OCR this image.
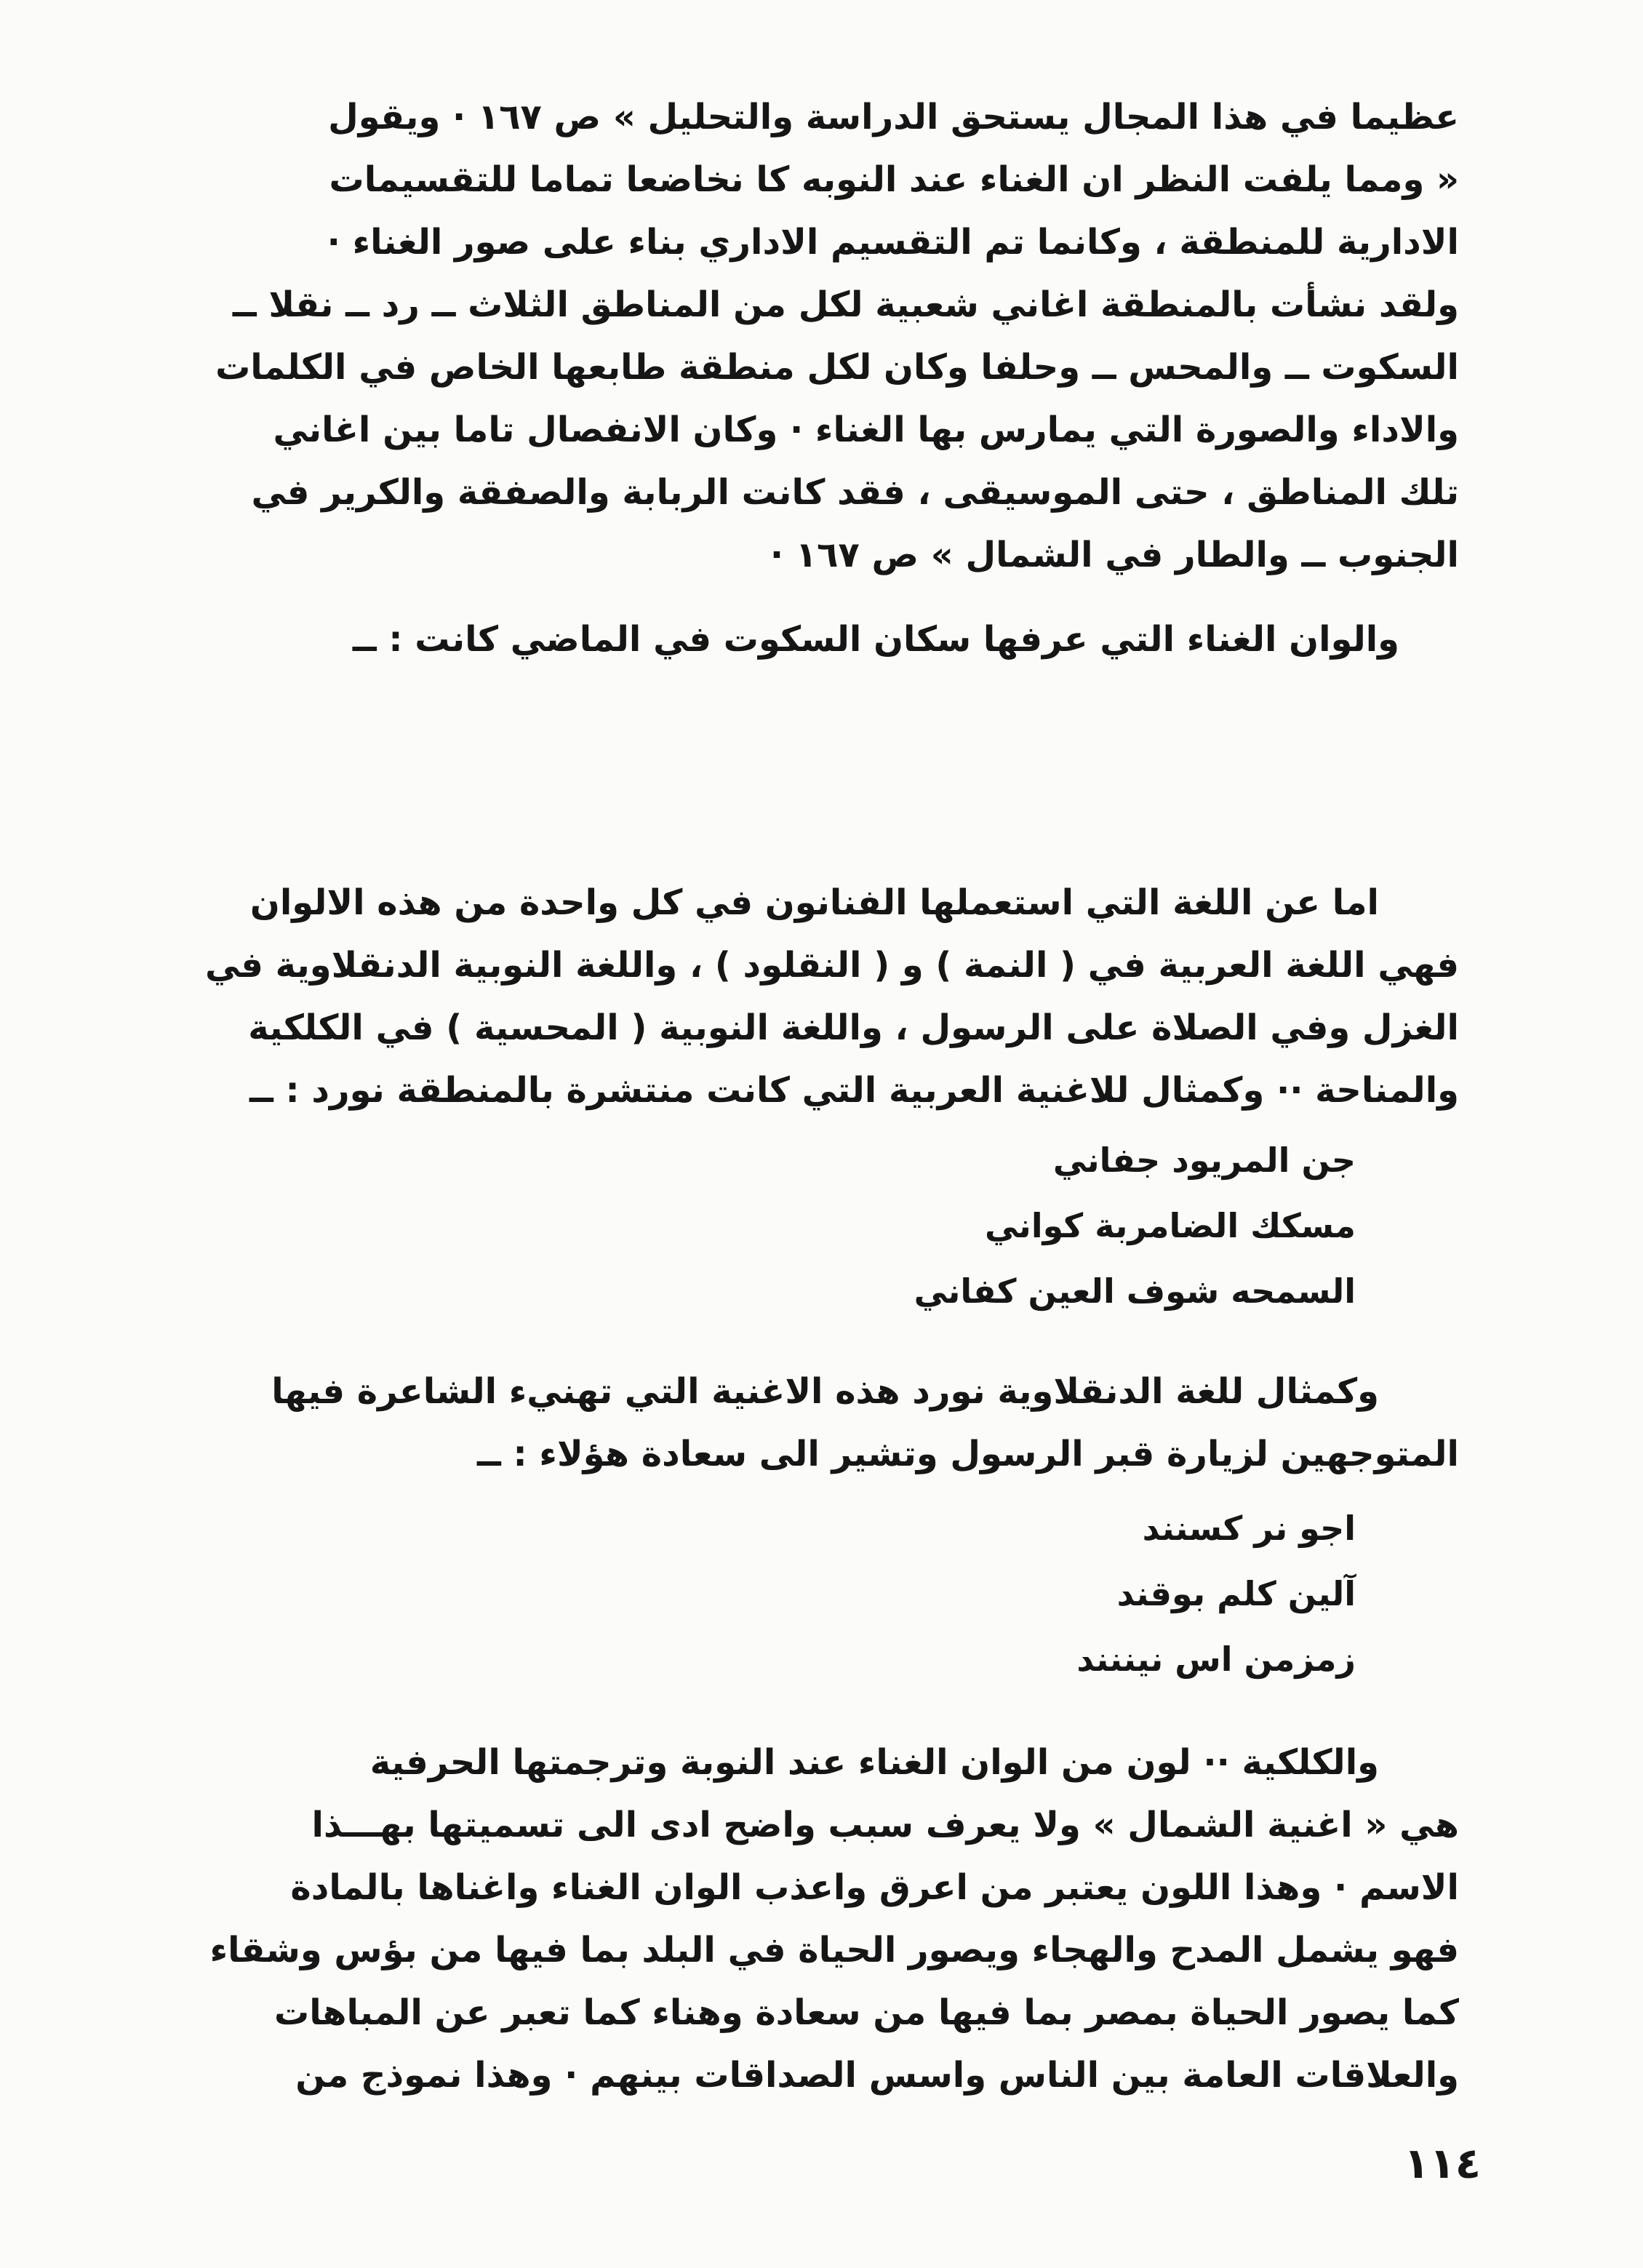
عظيما في هذا المجال يستحق الدراسة والتحليل » ص ١٦٧ · ويقول
« ومما يلفت النظر ان الغناء عند النوبه كا نخاضعا تماما للتقسيمات
الادارية للمنطقة ، وكانما تم التقسيم الاداري بناء على صور الغناء ·
ولقد نشأت بالمنطقة اغاني شعبية لكل من المناطق الثلاث ــ رد ــ نقلا ــ
السكوت ــ والمحس ــ وحلفا وكان لكل منطقة طابعها الخاص في الكلمات
والاداء والصورة التي يمارس بها الغناء · وكان الانفصال تاما بين اغاني
تلك المناطق ، حتى الموسيقى ، فقد كانت الربابة والصفقة والكرير في
الجنوب ــ والطار في الشمال » ص ١٦٧ ·
والوان الغناء التي عرفها سكان السكوت في الماضي كانت : ــ
اما عن اللغة التي استعملها الفنانون في كل واحدة من هذه الالوان
فهي اللغة العربية في ( النمة ) و ( النقلود ) ، واللغة النوبية الدنقلاوية في
الغزل وفي الصلاة على الرسول ، واللغة النوبية ( المحسية ) في الكلكية
والمناحة ·· وكمثال للاغنية العربية التي كانت منتشرة بالمنطقة نورد : ــ
جن المريود جفاني
مسكك الضامربة كواني
السمحه شوف العين كفاني
وكمثال للغة الدنقلاوية نورد هذه الاغنية التي تهنيء الشاعرة فيها
المتوجهين لزيارة قبر الرسول وتشير الى سعادة هؤلاء : ــ
اجو نر كسنند
آلين كلم بوقند
زمزمن اس نيننند
والكلكية ·· لون من الوان الغناء عند النوبة وترجمتها الحرفية
هي « اغنية الشمال » ولا يعرف سبب واضح ادى الى تسميتها بهـــذا
الاسم · وهذا اللون يعتبر من اعرق واعذب الوان الغناء واغناها بالمادة
فهو يشمل المدح والهجاء ويصور الحياة في البلد بما فيها من بؤس وشقاء
كما يصور الحياة بمصر بما فيها من سعادة وهناء كما تعبر عن المباهات
والعلاقات العامة بين الناس واسس الصداقات بينهم · وهذا نموذج من
١١٤
